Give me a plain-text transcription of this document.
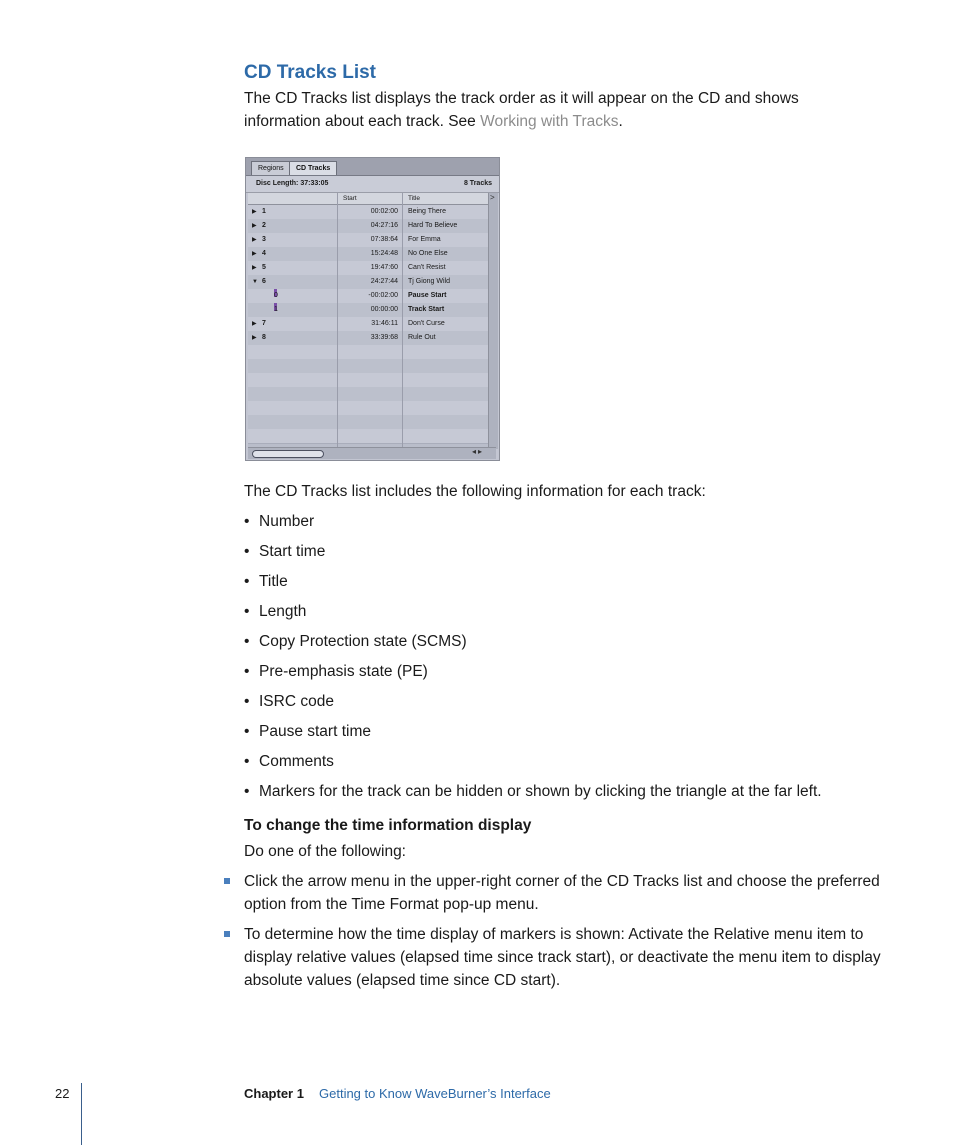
CD Tracks List
The CD Tracks list displays the track order as it will appear on the CD and shows information about each track. See Working with Tracks.
Regions	CD Tracks
Disc Length: 37:33:05	8 Tracks
Start	Title
▶ 1	00:02:00 Being There
▶ 2	04:27:16 Hard To Believe
▶ 3	07:38:64 For Emma
▶ 4	15:24:48 No One Else
▶ 5	19:47:60 Can't Resist
▼ 6	24:27:44 Tj Giong Wild
0	-00:02:00 Pause Start
1	00:00:00 Track Start
▶ 7	31:46:11 Don't Curse
▶ 8	33:39:68 Rule Out
>
◂▸
The CD Tracks list includes the following information for each track:
• Number
• Start time
• Title
• Length
• Copy Protection state (SCMS)
• Pre-emphasis state (PE)
• ISRC code
• Pause start time
• Comments
• Markers for the track can be hidden or shown by clicking the triangle at the far left.
To change the time information display
Do one of the following:
Click the arrow menu in the upper-right corner of the CD Tracks list and choose the preferred option from the Time Format pop-up menu.
To determine how the time display of markers is shown: Activate the Relative menu item to display relative values (elapsed time since track start), or deactivate the menu item to display absolute values (elapsed time since CD start).
22	Chapter 1 Getting to Know WaveBurner’s Interface
